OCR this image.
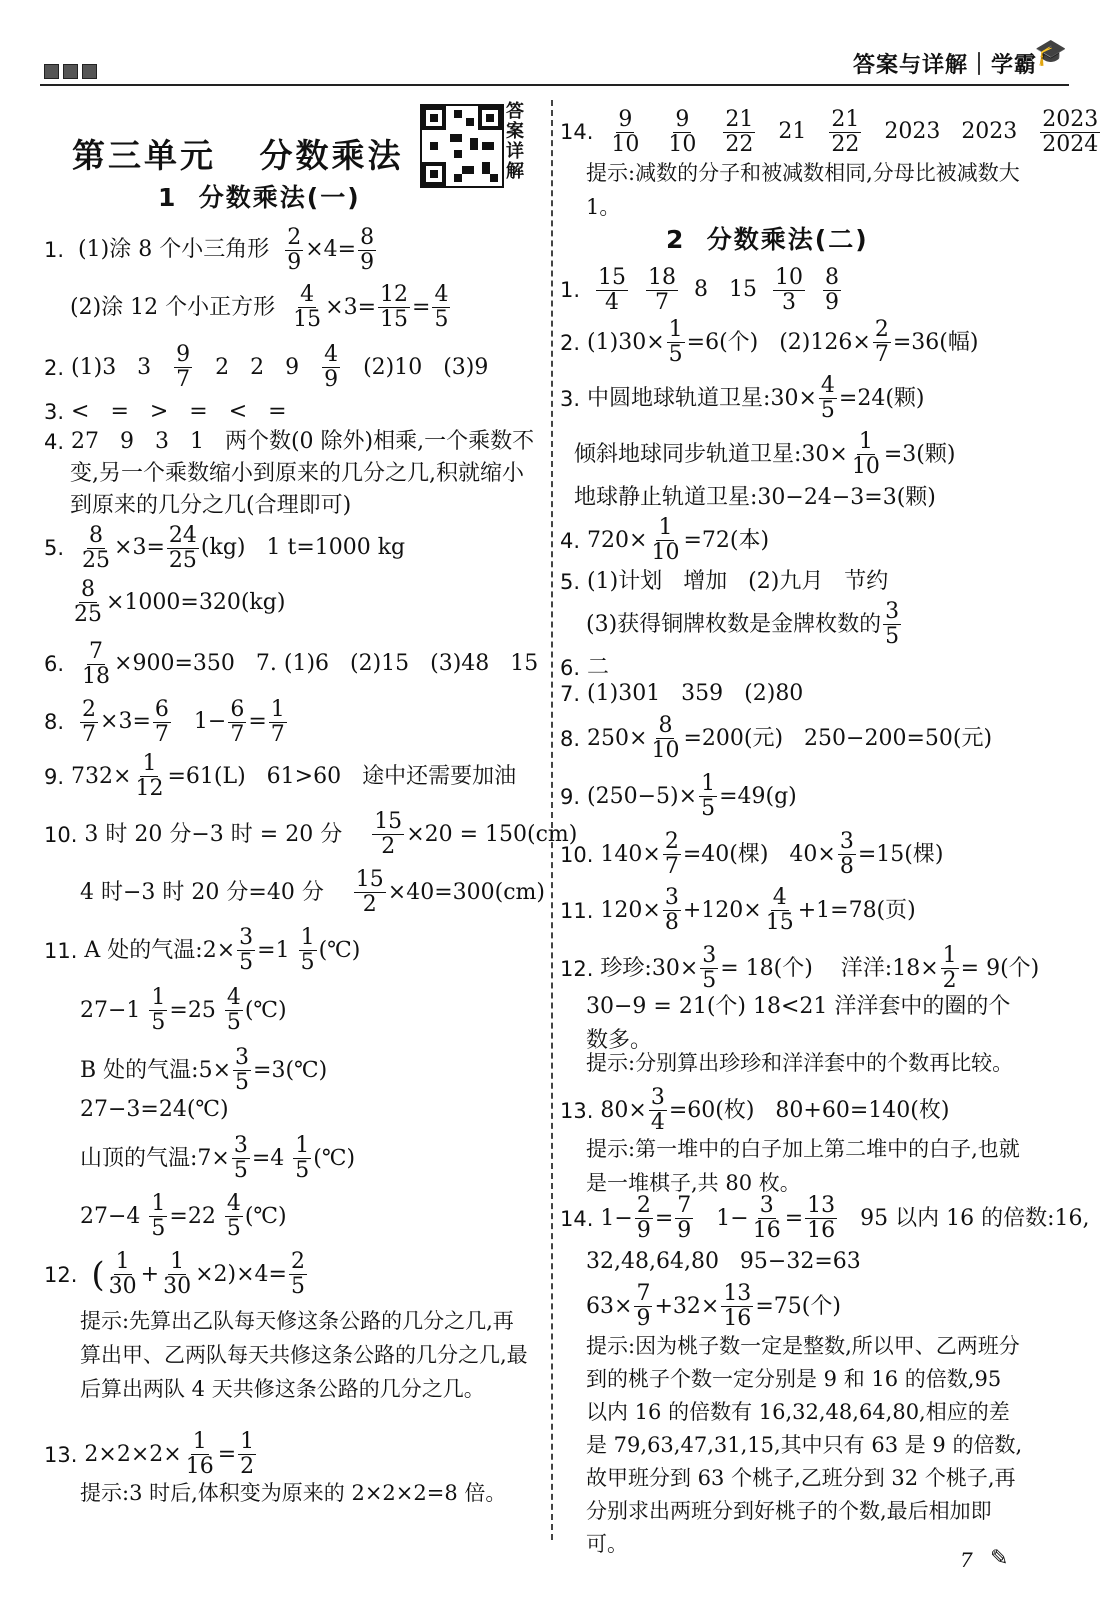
答案与详解｜学霸
🎓
第三单元   分数乘法
答案详解
1  分数乘法(一)
2  分数乘法(二)
1.

(1)涂 8 个小三角形 $\frac{2}{9} \times 4= \frac{8}{9}$
(2)涂 12 个小正方形 $\frac{4}{15} \times 3= \frac{12}{15} = \frac{4}{5}$
2.
(1)3   $3 \frac{9}{7} 2$   2   $9 \frac{4}{9} (2)10$   (3)9
3.
<   =   >   =   <   =
4.
27   9   3   1   两个数(0 除外)相乘,一个乘数不
变,另一个乘数缩小到原来的几分之几,积就缩小
到原来的几分之几(合理即可)
5.

$\frac{8}{25} \times 3= \frac{24}{25} (kg)$   1 t=1000 kg
$\frac{8}{25} \times 1000=320(kg)$
6.

$\frac{7}{18} \times 900=350$   7. (1)6   (2)15   (3)48   15
8.

$\frac{2}{7} \times 3= \frac{6}{7} 1- \frac{6}{7} = \frac{1}{7}$
9.
$732\times \frac{1}{12} =61(L)$   61>60   途中还需要加油
10.
3 时 20 分−3 时 = 20 分 $\frac{15}{2} \times 20 = 150(cm)$
4 时−3 时 20 分=40 分 $\frac{15}{2} \times 40=300(cm)$
11.
A 处的气温:2× $\frac{3}{5} =1 \frac{1}{5}$ (℃)
$27-1 \frac{1}{5} =25 \frac{4}{5}$ (℃)
B 处的气温:5× $\frac{3}{5}$ =3(℃)
27−3=24(℃)
山顶的气温:7× $\frac{3}{5} =4 \frac{1}{5}$ (℃)
$27-4 \frac{1}{5} =22 \frac{4}{5}$ (℃)
12.
( $\frac{1}{30} + \frac{1}{30} \times 2)\times 4= \frac{2}{5}$
提示:先算出乙队每天修这条公路的几分之几,再算出甲、乙两队每天共修这条公路的几分之几,最后算出两队 4 天共修这条公路的几分之几。
13.
$2\times 2\times 2\times \frac{1}{16} = \frac{1}{2}$
提示:3 时后,体积变为原来的 2×2×2=8 倍。
14.

$\frac{9}{10}$

$\frac{9}{10}$

$\frac{21}{22}$

21

$\frac{21}{22}$

2023
2023

$\frac{2023}{2024}$
提示:减数的分子和被减数相同,分母比被减数大 1。
1.

$\frac{15}{4}$

$\frac{18}{7}$

8
15

$\frac{10}{3}$

$\frac{8}{9}$
2.
$(1)30\times \frac{1}{5} =6$(个)   $(2)126\times \frac{2}{7} =36$(幅)
3.
中圆地球轨道卫星:30× $\frac{4}{5} =24$(颗)
倾斜地球同步轨道卫星:30× $\frac{1}{10} =3$(颗)
地球静止轨道卫星:30−24−3=3(颗)
4.
$720\times \frac{1}{10} =72$(本)
5.
(1)计划   增加   (2)九月   节约
(3)获得铜牌枚数是金牌枚数的 $\frac{3}{5}$
6.
二
7.
(1)301   359   (2)80
8.
$250\times \frac{8}{10} =200$(元)   250−200=50(元)
9.
$(250-5)\times \frac{1}{5} =49(g)$
10.
$140\times \frac{2}{7} =40$(棵)   $40\times \frac{3}{8} =15$(棵)
11.
$120\times \frac{3}{8} +120\times \frac{4}{15} +1=78$(页)
12.
珍珍:30× $\frac{3}{5} = 18$(个)    洋洋:18× $\frac{1}{2} = 9$(个)
30−9 = 21(个) 18<21 洋洋套中的圈的个数多。
提示:分别算出珍珍和洋洋套中的个数再比较。
13.
$80\times \frac{3}{4} =60$(枚)   80+60=140(枚)
提示:第一堆中的白子加上第二堆中的白子,也就是一堆棋子,共 80 枚。
14.
$1- \frac{2}{9} = \frac{7}{9} 1- \frac{3}{16} = \frac{13}{16} 95$ 以内 16 的倍数:16,
32,48,64,80   95−32=63
$63\times \frac{7}{9} +32\times \frac{13}{16} =75$(个)
提示:因为桃子数一定是整数,所以甲、乙两班分到的桃子个数一定分别是 9 和 16 的倍数,95 以内 16 的倍数有 16,32,48,64,80,相应的差是 79,63,47,31,15,其中只有 63 是 9 的倍数,故甲班分到 63 个桃子,乙班分到 32 个桃子,再分别求出两班分到好桃子的个数,最后相加即可。
7 ✎
